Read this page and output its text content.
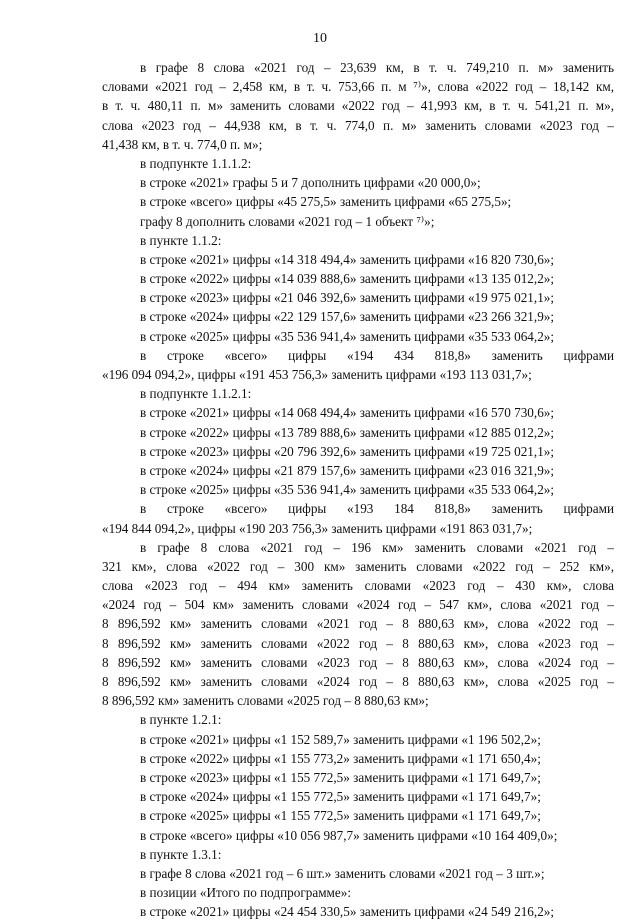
10
в графе 8 слова «2021 год – 23,639 км, в т. ч. 749,210 п. м» заменить
словами «2021 год – 2,458 км, в т. ч. 753,66 п. м ⁷⁾», слова «2022 год – 18,142 км,
в т. ч. 480,11 п. м» заменить словами «2022 год – 41,993 км, в т. ч. 541,21 п. м»,
слова «2023 год – 44,938 км, в т. ч. 774,0 п. м» заменить словами «2023 год –
41,438 км, в т. ч. 774,0 п. м»;
в подпункте 1.1.1.2:
в строке «2021» графы 5 и 7 дополнить цифрами «20 000,0»;
в строке «всего» цифры «45 275,5» заменить цифрами «65 275,5»;
графу 8 дополнить словами «2021 год – 1 объект ⁷⁾»;
в пункте 1.1.2:
в строке «2021» цифры «14 318 494,4» заменить цифрами «16 820 730,6»;
в строке «2022» цифры «14 039 888,6» заменить цифрами «13 135 012,2»;
в строке «2023» цифры «21 046 392,6» заменить цифрами «19 975 021,1»;
в строке «2024» цифры «22 129 157,6» заменить цифрами «23 266 321,9»;
в строке «2025» цифры «35 536 941,4» заменить цифрами «35 533 064,2»;
в строке «всего» цифры «194 434 818,8» заменить цифрами
«196 094 094,2», цифры «191 453 756,3» заменить цифрами «193 113 031,7»;
в подпункте 1.1.2.1:
в строке «2021» цифры «14 068 494,4» заменить цифрами «16 570 730,6»;
в строке «2022» цифры «13 789 888,6» заменить цифрами «12 885 012,2»;
в строке «2023» цифры «20 796 392,6» заменить цифрами «19 725 021,1»;
в строке «2024» цифры «21 879 157,6» заменить цифрами «23 016 321,9»;
в строке «2025» цифры «35 536 941,4» заменить цифрами «35 533 064,2»;
в строке «всего» цифры «193 184 818,8» заменить цифрами
«194 844 094,2», цифры «190 203 756,3» заменить цифрами «191 863 031,7»;
в графе 8 слова «2021 год – 196 км» заменить словами «2021 год –
321 км», слова «2022 год – 300 км» заменить словами «2022 год – 252 км»,
слова «2023 год – 494 км» заменить словами «2023 год – 430 км», слова
«2024 год – 504 км» заменить словами «2024 год – 547 км», слова «2021 год –
8 896,592 км» заменить словами «2021 год – 8 880,63 км», слова «2022 год –
8 896,592 км» заменить словами «2022 год – 8 880,63 км», слова «2023 год –
8 896,592 км» заменить словами «2023 год – 8 880,63 км», слова «2024 год –
8 896,592 км» заменить словами «2024 год – 8 880,63 км», слова «2025 год –
8 896,592 км» заменить словами «2025 год – 8 880,63 км»;
в пункте 1.2.1:
в строке «2021» цифры «1 152 589,7» заменить цифрами «1 196 502,2»;
в строке «2022» цифры «1 155 773,2» заменить цифрами «1 171 650,4»;
в строке «2023» цифры «1 155 772,5» заменить цифрами «1 171 649,7»;
в строке «2024» цифры «1 155 772,5» заменить цифрами «1 171 649,7»;
в строке «2025» цифры «1 155 772,5» заменить цифрами «1 171 649,7»;
в строке «всего» цифры «10 056 987,7» заменить цифрами «10 164 409,0»;
в пункте 1.3.1:
в графе 8 слова «2021 год – 6 шт.» заменить словами «2021 год – 3 шт.»;
в позиции «Итого по подпрограмме»:
в строке «2021» цифры «24 454 330,5» заменить цифрами «24 549 216,2»;
